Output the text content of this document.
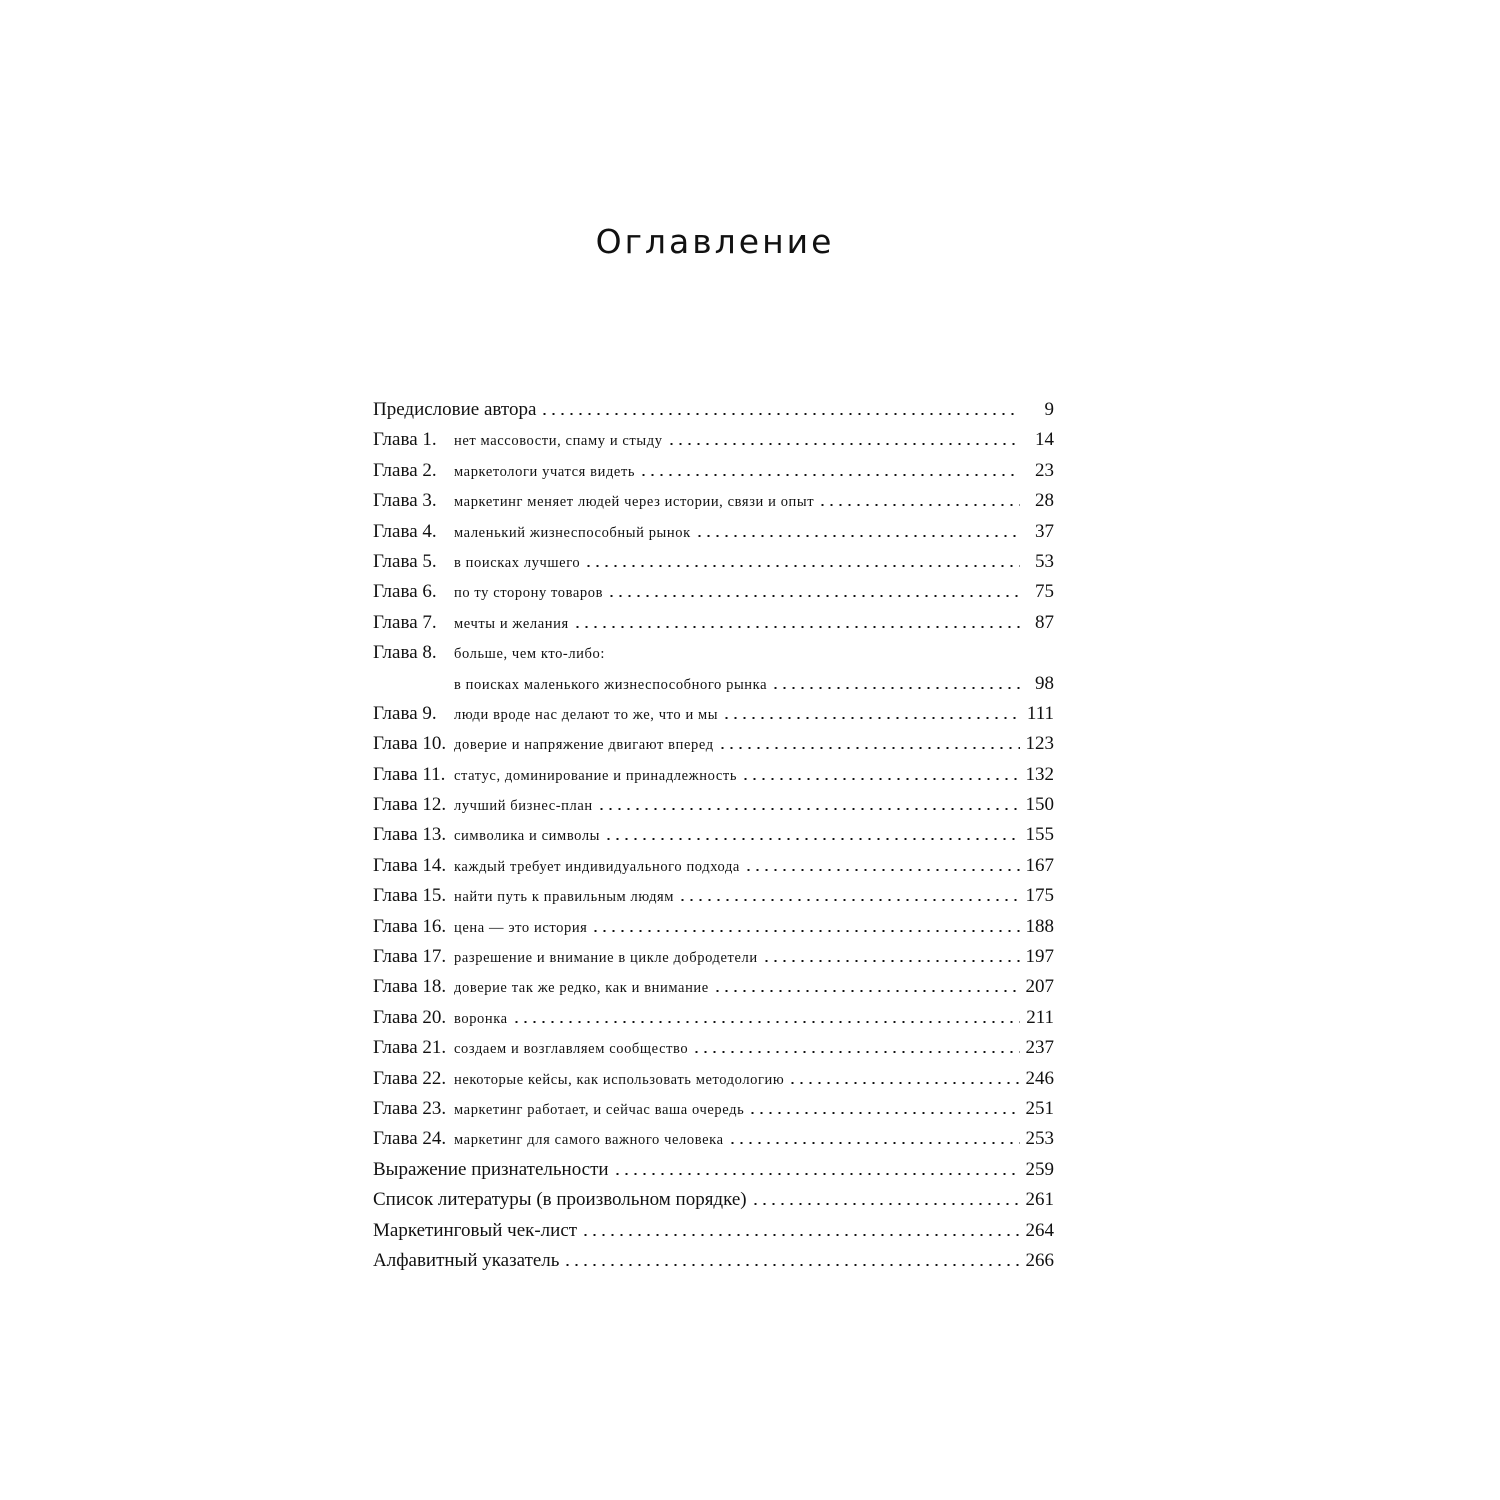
Оглавление
Предисловие автора	9
Глава 1.	нет массовости, спаму и стыду	14
Глава 2.	маркетологи учатся видеть	23
Глава 3.	маркетинг меняет людей через истории, связи и опыт	28
Глава 4.	маленький жизнеспособный рынок	37
Глава 5.	в поисках лучшего	53
Глава 6.	по ту сторону товаров	75
Глава 7.	мечты и желания	87
Глава 8.	больше, чем кто-либо:
в поисках маленького жизнеспособного рынка	98
Глава 9.	люди вроде нас делают то же, что и мы	111
Глава 10. доверие и напряжение двигают вперед	123
Глава 11. статус, доминирование и принадлежность	132
Глава 12. лучший бизнес-план	150
Глава 13. символика и символы	155
Глава 14. каждый требует индивидуального подхода	167
Глава 15. найти путь к правильным людям	175
Глава 16. цена — это история	188
Глава 17. разрешение и внимание в цикле добродетели	197
Глава 18. доверие так же редко, как и внимание	207
Глава 20. воронка	211
Глава 21. создаем и возглавляем сообщество	237
Глава 22. некоторые кейсы, как использовать методологию	246
Глава 23. маркетинг работает, и сейчас ваша очередь	251
Глава 24. маркетинг для самого важного человека	253
Выражение признательности	259
Список литературы (в произвольном порядке)	261
Маркетинговый чек-лист	264
Алфавитный указатель	266
